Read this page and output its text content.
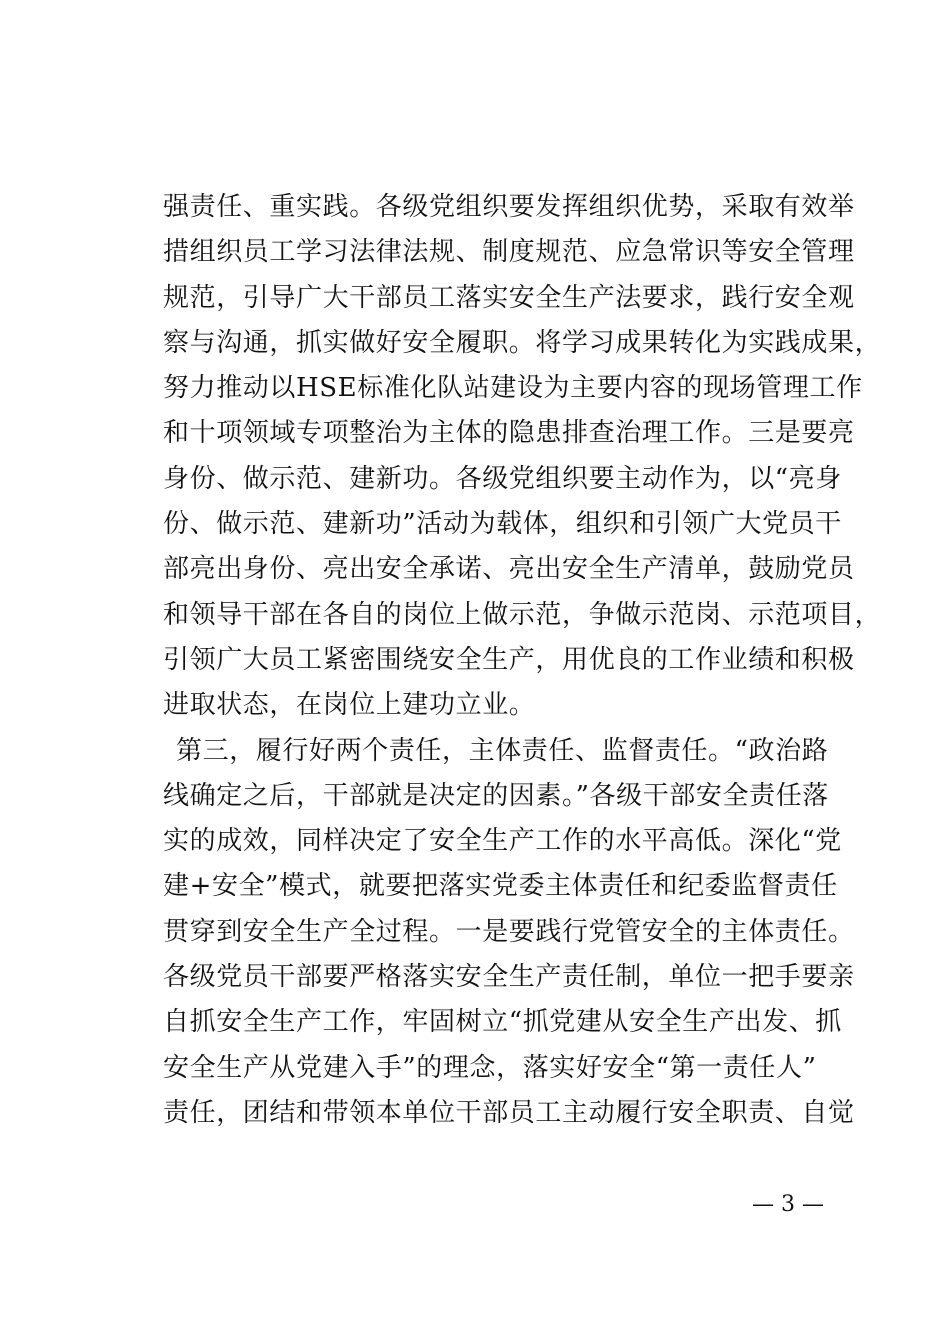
强责任、重实践。各级党组织要发挥组织优势，采取有效举
措组织员工学习法律法规、制度规范、应急常识等安全管理
规范，引导广大干部员工落实安全生产法要求，践行安全观
察与沟通，抓实做好安全履职。将学习成果转化为实践成果，
努力推动以HSE标准化队站建设为主要内容的现场管理工作
和十项领域专项整治为主体的隐患排查治理工作。三是要亮
身份、做示范、建新功。各级党组织要主动作为，以“亮身
份、做示范、建新功”活动为载体，组织和引领广大党员干
部亮出身份、亮出安全承诺、亮出安全生产清单，鼓励党员
和领导干部在各自的岗位上做示范，争做示范岗、示范项目，
引领广大员工紧密围绕安全生产，用优良的工作业绩和积极
进取状态，在岗位上建功立业。
第三，履行好两个责任，主体责任、监督责任。“政治路
线确定之后，干部就是决定的因素。”各级干部安全责任落
实的成效，同样决定了安全生产工作的水平高低。深化“党
建+安全”模式，就要把落实党委主体责任和纪委监督责任
贯穿到安全生产全过程。一是要践行党管安全的主体责任。
各级党员干部要严格落实安全生产责任制，单位一把手要亲
自抓安全生产工作，牢固树立“抓党建从安全生产出发、抓
安全生产从党建入手”的理念，落实好安全“第一责任人”
责任，团结和带领本单位干部员工主动履行安全职责、自觉
— 3 —
